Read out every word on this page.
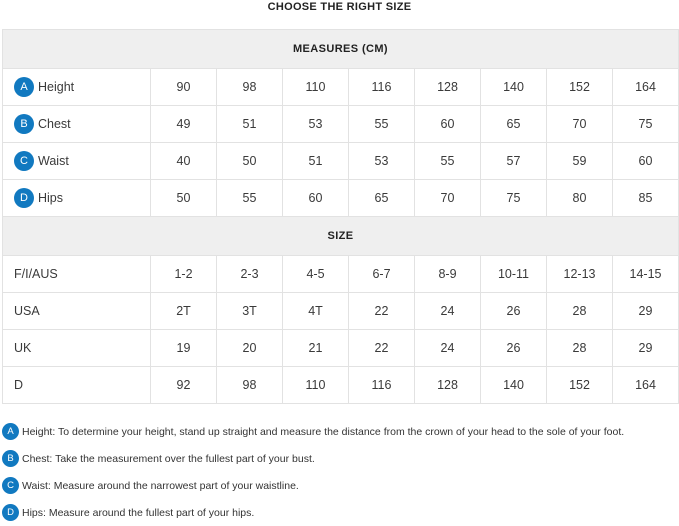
CHOOSE THE RIGHT SIZE
MEASURES (CM)								
A Height	90	98	110	116	128	140	152	164
B Chest	49	51	53	55	60	65	70	75
C Waist	40	50	51	53	55	57	59	60
D Hips	50	55	60	65	70	75	80	85
SIZE								
F/I/AUS	1-2	2-3	4-5	6-7	8-9	10-11	12-13	14-15
USA	2T	3T	4T	22	24	26	28	29
UK	19	20	21	22	24	26	28	29
D	92	98	110	116	128	140	152	164
A Height: To determine your height, stand up straight and measure the distance from the crown of your head to the sole of your foot.
B Chest: Take the measurement over the fullest part of your bust.
C Waist: Measure around the narrowest part of your waistline.
D Hips: Measure around the fullest part of your hips.
